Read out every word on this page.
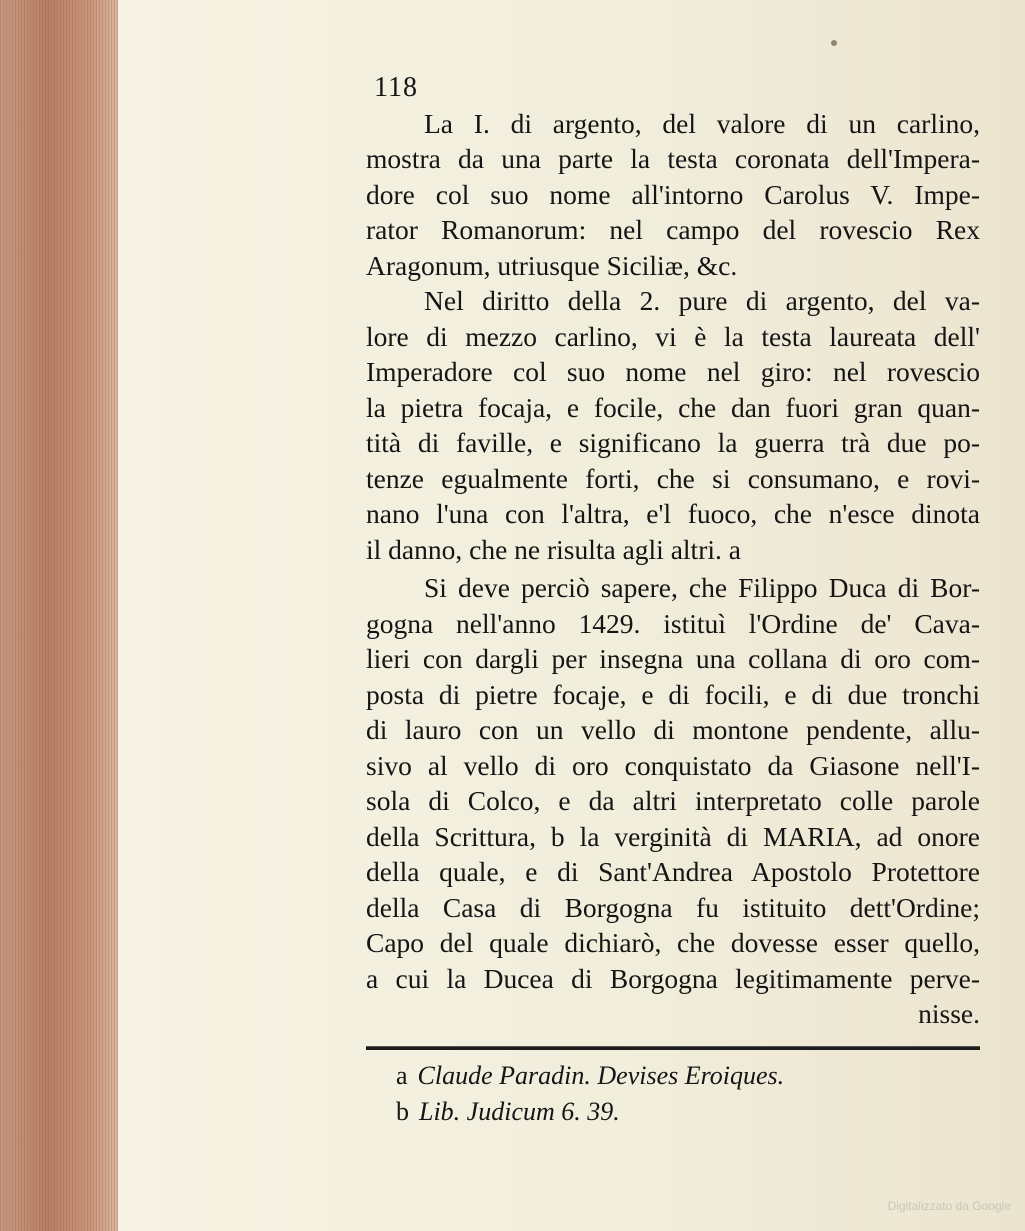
118

La I. di argento, del valore di un carlino,

mostra da una parte la testa coronata dell'Impera-

dore col suo nome all'intorno Carolus V. Impe-

rator Romanorum: nel campo del rovescio Rex

Aragonum, utriusque Siciliæ, &c.

Nel diritto della 2. pure di argento, del va-

lore di mezzo carlino, vi è la testa laureata dell'

Imperadore col suo nome nel giro: nel rovescio

la pietra focaja, e focile, che dan fuori gran quan-

tità di faville, e significano la guerra trà due po-

tenze egualmente forti, che si consumano, e rovi-

nano l'una con l'altra, e'l fuoco, che n'esce dinota

il danno, che ne risulta agli altri. a

Si deve perciò sapere, che Filippo Duca di Bor-

gogna nell'anno 1429. istituì l'Ordine de' Cava-

lieri con dargli per insegna una collana di oro com-

posta di pietre focaje, e di focili, e di due tronchi

di lauro con un vello di montone pendente, allu-

sivo al vello di oro conquistato da Giasone nell'I-

sola di Colco, e da altri interpretato colle parole

della Scrittura, b la verginità di MARIA, ad onore

della quale, e di Sant'Andrea Apostolo Protettore

della Casa di Borgogna fu istituito dett'Ordine;

Capo del quale dichiarò, che dovesse esser quello,

a cui la Ducea di Borgogna legitimamente perve-

nisse.

a Claude Paradin. Devises Eroiques.
b Lib. Judicum 6. 39.
Digitalizzato da Google
